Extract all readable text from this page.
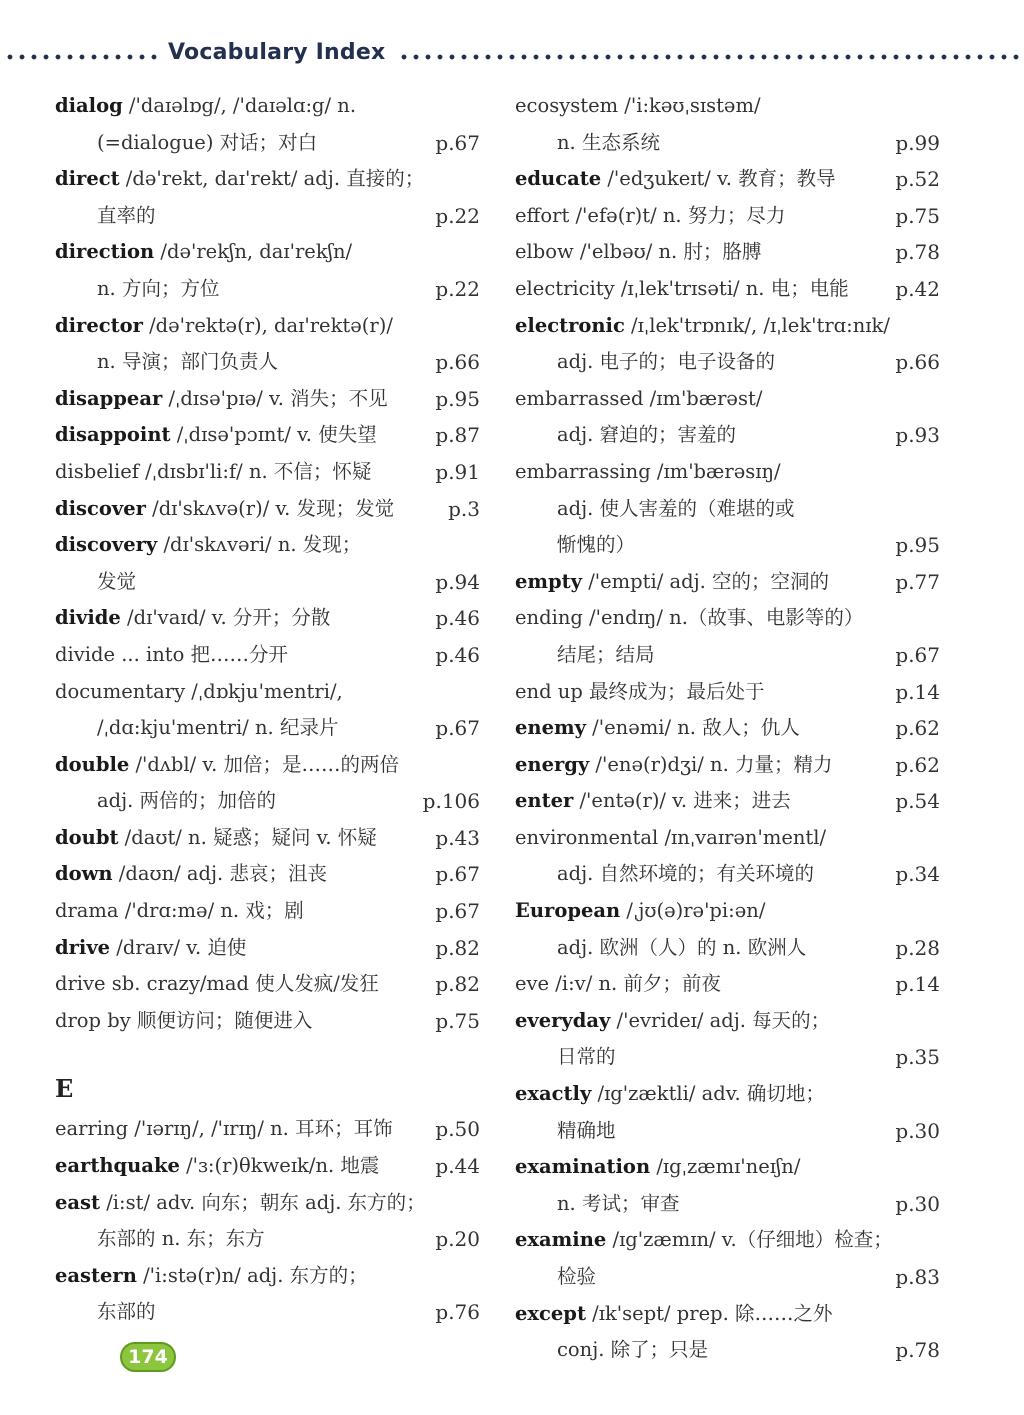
Vocabulary Index
dialog /'daɪəlɒg/, /'daɪəlɑ:g/ n.
(=dialogue) 对话；对白	p.67
direct /də'rekt, daɪ'rekt/ adj. 直接的；
直率的	p.22
direction /də'rekʃn, daɪ'rekʃn/
n. 方向；方位	p.22
director /də'rektə(r), daɪ'rektə(r)/
n. 导演；部门负责人	p.66
disappear /ˌdɪsə'pɪə/ v. 消失；不见 p.95
disappoint /ˌdɪsə'pɔɪnt/ v. 使失望	p.87
disbelief /ˌdɪsbɪ'li:f/ n. 不信；怀疑	p.91
discover /dɪ'skʌvə(r)/ v. 发现；发觉	p.3
discovery /dɪ'skʌvəri/ n. 发现；
发觉	p.94
divide /dɪ'vaɪd/ v. 分开；分散	p.46
divide ... into 把……分开	p.46
documentary /ˌdɒkju'mentri/,
/ˌdɑ:kju'mentri/ n. 纪录片	p.67
double /'dʌbl/ v. 加倍；是……的两倍
adj. 两倍的；加倍的	p.106
doubt /daʊt/ n. 疑惑；疑问 v. 怀疑	p.43
down /daʊn/ adj. 悲哀；沮丧	p.67
drama /'drɑ:mə/ n. 戏；剧	p.67
drive /draɪv/ v. 迫使	p.82
drive sb. crazy/mad 使人发疯/发狂	p.82
drop by 顺便访问；随便进入	p.75
E
earring /'ɪərɪŋ/, /'ɪrɪŋ/ n. 耳环；耳饰 p.50
earthquake /'ɜ:(r)θkweɪk/n. 地震	p.44
east /i:st/ adv. 向东；朝东 adj. 东方的；
东部的 n. 东；东方	p.20
eastern /'i:stə(r)n/ adj. 东方的；
东部的	p.76
ecosystem /'i:kəʊˌsɪstəm/
n. 生态系统	p.99
educate /'edʒukeɪt/ v. 教育；教导	p.52
effort /'efə(r)t/ n. 努力；尽力	p.75
elbow /'elbəʊ/ n. 肘；胳膊	p.78
electricity /ɪˌlek'trɪsəti/ n. 电；电能 p.42
electronic /ɪˌlek'trɒnɪk/, /ɪˌlek'trɑ:nɪk/
adj. 电子的；电子设备的	p.66
embarrassed /ɪm'bærəst/
adj. 窘迫的；害羞的	p.93
embarrassing /ɪm'bærəsɪŋ/
adj. 使人害羞的（难堪的或
惭愧的）	p.95
empty /'empti/ adj. 空的；空洞的	p.77
ending /'endɪŋ/ n.（故事、电影等的）
结尾；结局	p.67
end up 最终成为；最后处于	p.14
enemy /'enəmi/ n. 敌人；仇人	p.62
energy /'enə(r)dʒi/ n. 力量；精力	p.62
enter /'entə(r)/ v. 进来；进去	p.54
environmental /ɪnˌvaɪrən'mentl/
adj. 自然环境的；有关环境的	p.34
European /ˌjʊ(ə)rə'pi:ən/
adj. 欧洲（人）的 n. 欧洲人	p.28
eve /i:v/ n. 前夕；前夜	p.14
everyday /'evrideɪ/ adj. 每天的；
日常的	p.35
exactly /ɪg'zæktli/ adv. 确切地；
精确地	p.30
examination /ɪgˌzæmɪ'neɪʃn/
n. 考试；审查	p.30
examine /ɪg'zæmɪn/ v.（仔细地）检查；
检验	p.83
except /ɪk'sept/ prep. 除……之外
conj. 除了；只是	p.78
174
